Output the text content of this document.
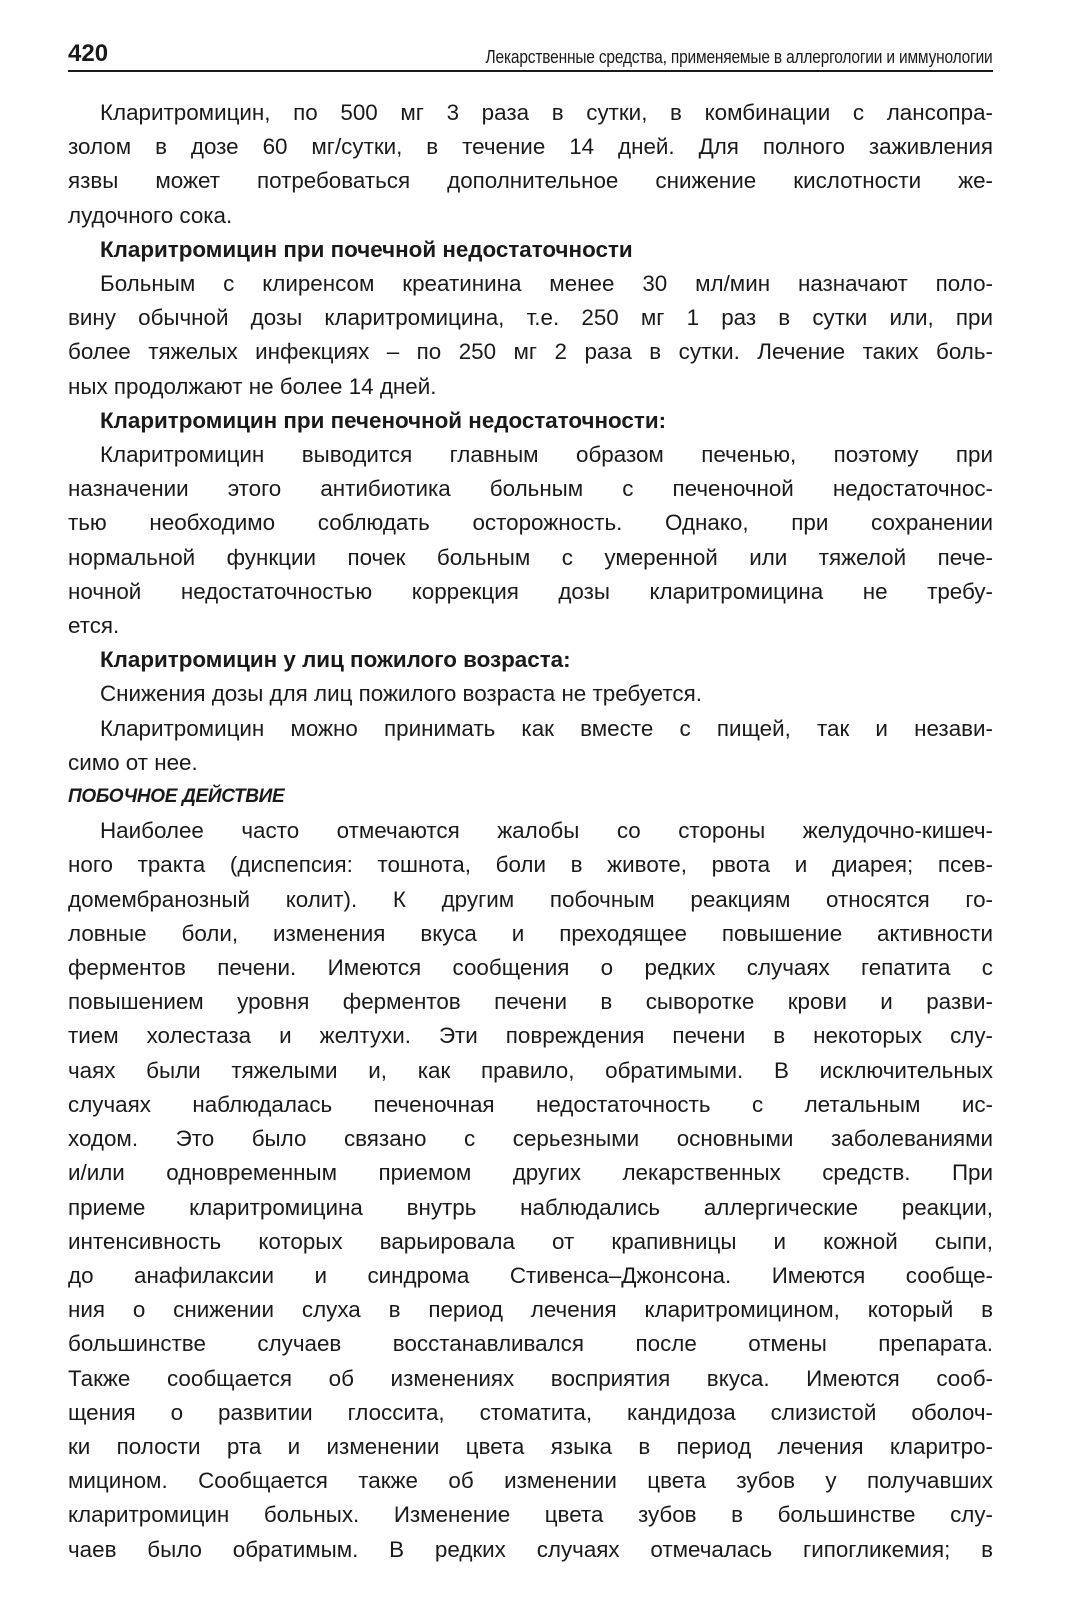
420	Лекарственные средства, применяемые в аллергологии и иммунологии
Кларитромицин, по 500 мг 3 раза в сутки, в комбинации с лансопра-
золом в дозе 60 мг/сутки, в течение 14 дней. Для полного заживления
язвы может потребоваться дополнительное снижение кислотности же-
лудочного сока.
Кларитромицин при почечной недостаточности
Больным с клиренсом креатинина менее 30 мл/мин назначают поло-
вину обычной дозы кларитромицина, т.е. 250 мг 1 раз в сутки или, при
более тяжелых инфекциях – по 250 мг 2 раза в сутки. Лечение таких боль-
ных продолжают не более 14 дней.
Кларитромицин при печеночной недостаточности:
Кларитромицин выводится главным образом печенью, поэтому при
назначении этого антибиотика больным с печеночной недостаточнос-
тью необходимо соблюдать осторожность. Однако, при сохранении
нормальной функции почек больным с умеренной или тяжелой пече-
ночной недостаточностью коррекция дозы кларитромицина не требу-
ется.
Кларитромицин у лиц пожилого возраста:
Снижения дозы для лиц пожилого возраста не требуется.
Кларитромицин можно принимать как вместе с пищей, так и незави-
симо от нее.
ПОБОЧНОЕ ДЕЙСТВИЕ
Наиболее часто отмечаются жалобы со стороны желудочно-кишеч-
ного тракта (диспепсия: тошнота, боли в животе, рвота и диарея; псев-
домембранозный колит). К другим побочным реакциям относятся го-
ловные боли, изменения вкуса и преходящее повышение активности
ферментов печени. Имеются сообщения о редких случаях гепатита с
повышением уровня ферментов печени в сыворотке крови и разви-
тием холестаза и желтухи. Эти повреждения печени в некоторых слу-
чаях были тяжелыми и, как правило, обратимыми. В исключительных
случаях наблюдалась печеночная недостаточность с летальным ис-
ходом. Это было связано с серьезными основными заболеваниями
и/или одновременным приемом других лекарственных средств. При
приеме кларитромицина внутрь наблюдались аллергические реакции,
интенсивность которых варьировала от крапивницы и кожной сыпи,
до анафилаксии и синдрома Стивенса–Джонсона. Имеются сообще-
ния о снижении слуха в период лечения кларитромицином, который в
большинстве случаев восстанавливался после отмены препарата.
Также сообщается об изменениях восприятия вкуса. Имеются сооб-
щения о развитии глоссита, стоматита, кандидоза слизистой оболоч-
ки полости рта и изменении цвета языка в период лечения кларитро-
мицином. Сообщается также об изменении цвета зубов у получавших
кларитромицин больных. Изменение цвета зубов в большинстве слу-
чаев было обратимым. В редких случаях отмечалась гипогликемия; в
